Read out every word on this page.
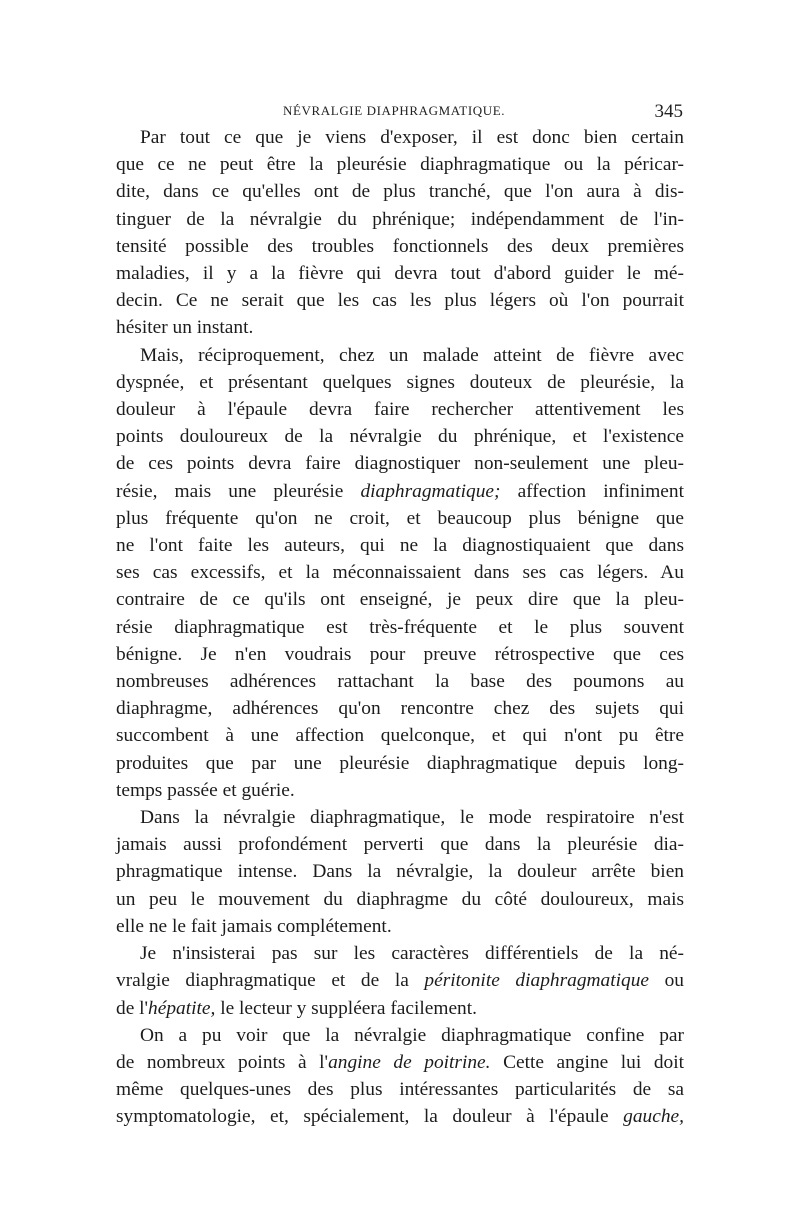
NÉVRALGIE DIAPHRAGMATIQUE.	345
Par tout ce que je viens d'exposer, il est donc bien certain
que ce ne peut être la pleurésie diaphragmatique ou la péricar-
dite, dans ce qu'elles ont de plus tranché, que l'on aura à dis-
tinguer de la névralgie du phrénique; indépendamment de l'in-
tensité possible des troubles fonctionnels des deux premières
maladies, il y a la fièvre qui devra tout d'abord guider le mé-
decin. Ce ne serait que les cas les plus légers où l'on pourrait
hésiter un instant.
Mais, réciproquement, chez un malade atteint de fièvre avec
dyspnée, et présentant quelques signes douteux de pleurésie, la
douleur à l'épaule devra faire rechercher attentivement les
points douloureux de la névralgie du phrénique, et l'existence
de ces points devra faire diagnostiquer non-seulement une pleu-
résie, mais une pleurésie diaphragmatique; affection infiniment
plus fréquente qu'on ne croit, et beaucoup plus bénigne que
ne l'ont faite les auteurs, qui ne la diagnostiquaient que dans
ses cas excessifs, et la méconnaissaient dans ses cas légers. Au
contraire de ce qu'ils ont enseigné, je peux dire que la pleu-
résie diaphragmatique est très-fréquente et le plus souvent
bénigne. Je n'en voudrais pour preuve rétrospective que ces
nombreuses adhérences rattachant la base des poumons au
diaphragme, adhérences qu'on rencontre chez des sujets qui
succombent à une affection quelconque, et qui n'ont pu être
produites que par une pleurésie diaphragmatique depuis long-
temps passée et guérie.
Dans la névralgie diaphragmatique, le mode respiratoire n'est
jamais aussi profondément perverti que dans la pleurésie dia-
phragmatique intense. Dans la névralgie, la douleur arrête bien
un peu le mouvement du diaphragme du côté douloureux, mais
elle ne le fait jamais complétement.
Je n'insisterai pas sur les caractères différentiels de la né-
vralgie diaphragmatique et de la péritonite diaphragmatique ou
de l'hépatite, le lecteur y suppléera facilement.
On a pu voir que la névralgie diaphragmatique confine par
de nombreux points à l'angine de poitrine. Cette angine lui doit
même quelques-unes des plus intéressantes particularités de sa
symptomatologie, et, spécialement, la douleur à l'épaule gauche,
